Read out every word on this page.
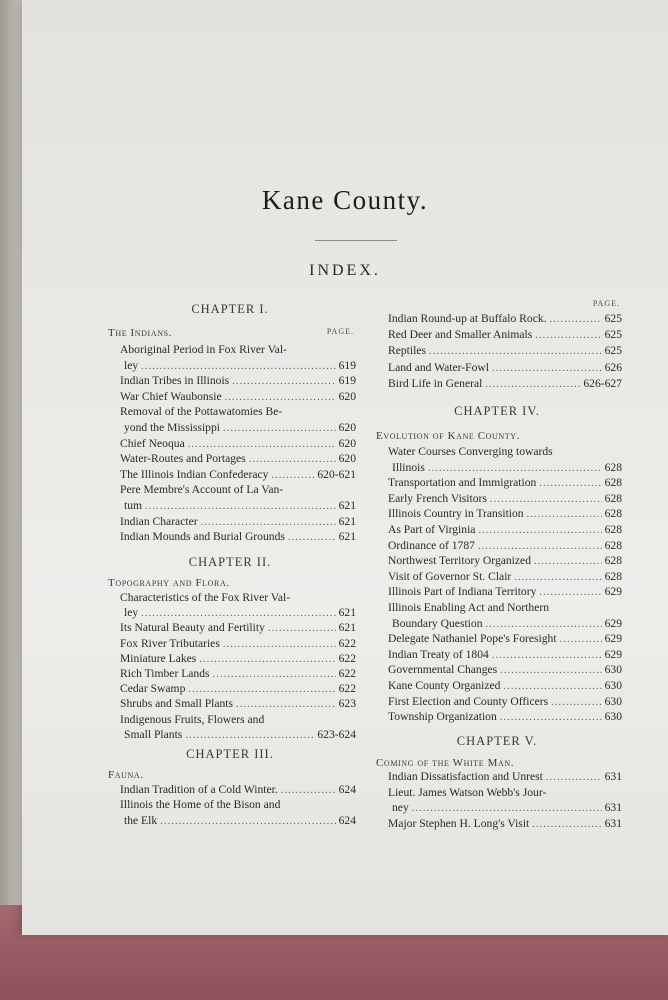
Kane County.
INDEX.
CHAPTER I.
The Indians.	PAGE.
Aboriginal Period in Fox River Val-
ley .....	619
Indian Tribes in Illinois .....	619
War Chief Waubonsie .....	620
Removal of the Pottawatomies Be-
yond the Mississippi .....	620
Chief Neoqua .....	620
Water-Routes and Portages .....	620
The Illinois Indian Confederacy .....	620-621
Pere Membre's Account of La Van-
tum .....	621
Indian Character .....	621
Indian Mounds and Burial Grounds .....	621
CHAPTER II.
Topography and Flora.
Characteristics of the Fox River Val-
ley .....	621
Its Natural Beauty and Fertility .....	621
Fox River Tributaries .....	622
Miniature Lakes .....	622
Rich Timber Lands .....	622
Cedar Swamp .....	622
Shrubs and Small Plants .....	623
Indigenous Fruits, Flowers and
Small Plants .....	623-624
CHAPTER III.
Fauna.
Indian Tradition of a Cold Winter. .....	624
Illinois the Home of the Bison and
the Elk .....	624
PAGE.
Indian Round-up at Buffalo Rock. .....	625
Red Deer and Smaller Animals .....	625
Reptiles .....	625
Land and Water-Fowl .....	626
Bird Life in General .....	626-627
CHAPTER IV.
Evolution of Kane County.
Water Courses Converging towards
Illinois .....	628
Transportation and Immigration .....	628
Early French Visitors .....	628
Illinois Country in Transition .....	628
As Part of Virginia .....	628
Ordinance of 1787 .....	628
Northwest Territory Organized .....	628
Visit of Governor St. Clair .....	628
Illinois Part of Indiana Territory .....	629
Illinois Enabling Act and Northern
Boundary Question .....	629
Delegate Nathaniel Pope's Foresight .....	629
Indian Treaty of 1804 .....	629
Governmental Changes .....	630
Kane County Organized .....	630
First Election and County Officers .....	630
Township Organization .....	630
CHAPTER V.
Coming of the White Man.
Indian Dissatisfaction and Unrest .....	631
Lieut. James Watson Webb's Jour-
ney .....	631
Major Stephen H. Long's Visit .....	631
